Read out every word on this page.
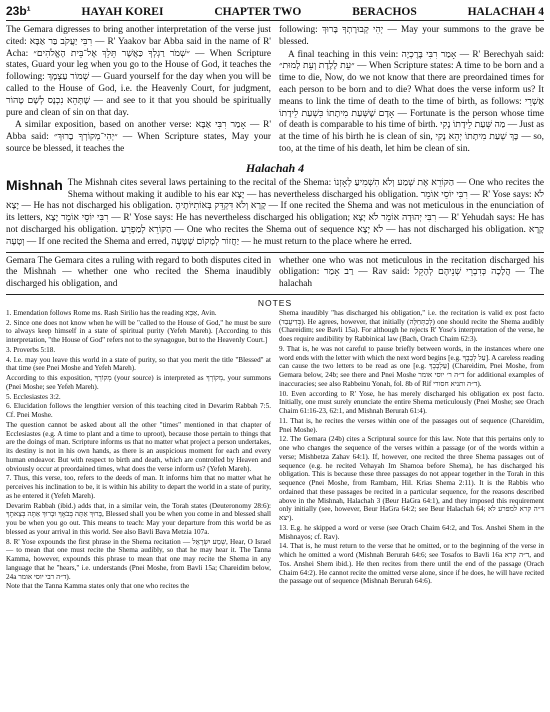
23b¹	HAYAH KOREI	CHAPTER TWO	BERACHOS	HALACHAH 4

The Gemara digresses to bring another interpretation of the verse just cited: רִבִּי יַעֲקֹב בַּר אַבָּא — R' Yaakov bar Abba said in the name of R' Acha: ״שְׁמֹר רַגְלְךָ כַּאֲשֶׁר תֵּלֵךְ אֶל־בֵּית הָאֱלֹהִים״ — When Scripture states, Guard your leg when you go to the House of God, it teaches the following: שְׁמוֹר עַצְמָךְ — Guard yourself for the day when you will be called to the House of God, i.e. the Heavenly Court, for judgment, שֶׁתְּהֵא נִכְנָס לְשָׁם טָהוֹר — and see to it that you should be spiritually pure and clean of sin on that day.

A similar exposition, based on another verse: אָמַר רִבִּי אַבָּא — R' Abba said: ״יְהִי־מְקוֹרְךָ בָרוּךְ״ — When Scripture states, May your source be blessed, it teaches the

following: יְהִי קְבוּרָתְךָ בָּרוּךְ — May your summons to the grave be blessed.

A final teaching in this vein: אָמַר רִבִּי בֶּרֶכְיָה — R' Berechyah said: ״עֵת לָלֶדֶת וְעֵת לָמוּת״ — When Scripture states: A time to be born and a time to die, Now, do we not know that there are preordained times for each person to be born and to die? What does the verse inform us? It means to link the time of death to the time of birth, as follows: אַשְׁרֵי אָדָם שֶׁשְּׁעַת מִיתָתוֹ כִּשְׁעַת לֵידָתוֹ — Fortunate is the person whose time of death is comparable to his time of birth. מַה שְּׁעַת לֵידָתוֹ נָקִי — Just as at the time of his birth he is clean of sin, כָּךְ שְׁעַת מִיתָתוֹ יְהֵא נָקִי — so, too, at the time of his death, let him be clean of sin.

Halachah 4
Mishnah The Mishnah cites several laws pertaining to the recital of the Shema: הַקּוֹרֵא אֶת שְׁמַע וְלֹא הִשְׁמִיעַ לְאָזְנוֹ — One who recites the Shema without making it audible to his ear יָצָא — has nevertheless discharged his obligation. רִבִּי יוֹסֵי אוֹמֵר — R' Yose says: לֹא יָצָא — He has not discharged his obligation. קָרָא וְלֹא דִּקְדֵּק בְּאוֹתִיּוֹתֶיהָ — If one recited the Shema and was not meticulous in the enunciation of its letters, רִבִּי יוֹסֵי אוֹמֵר יָצָא — R' Yose says: He has nevertheless discharged his obligation; רִבִּי יְהוּדָה אוֹמֵר לֹא יָצָא — R' Yehudah says: He has not discharged his obligation. הַקּוֹרֵא לְמַפְרֵעַ — One who recites the Shema out of sequence לֹא יָצָא — has not discharged his obligation. קָרָא וְטָעָה — If one recited the Shema and erred, יַחֲזוֹר לְמָקוֹם שֶׁטָּעָה — he must return to the place where he erred.
Gemara The Gemara cites a ruling with regard to both disputes cited in the Mishnah — whether one who recited the Shema inaudibly discharged his obligation, and
whether one who was not meticulous in the recitation discharged his obligation: רַב אָמַר — Rav said: הֲלָכָה כְּדִבְרֵי שְׁנֵיהֶם לְהָקֵל — The halachah
NOTES
1. Emendation follows Rome ms. Rash Sirilio has the reading אַבָּא, Avin.
2. Since one does not know when he will be "called to the House of God," he must be sure to always keep himself in a state of spiritual purity (Yefeh Mareh). [According to this interpretation, "the House of God" refers not to the synagogue, but to the Heavenly Court.]
3. Proverbs 5:18.
4. I.e. may you leave this world in a state of purity, so that you merit the title "Blessed" at that time (see Pnei Moshe and Yefeh Mareh).
According to this exposition, מְקוֹרְךָ (your source) is interpreted as מְקוֹרְךָ, your summons (Pnei Moshe; see Yefeh Mareh).
5. Ecclesiastes 3:2.
6. Elucidation follows the lengthier version of this teaching cited in Devarim Rabbah 7:5. Cf. Pnei Moshe.
The question cannot be asked about all the other "times" mentioned in that chapter of Ecclesiastes (e.g. A time to plant and a time to uproot), because those pertain to things that are the doings of man. Scripture informs us that no matter what project a person undertakes, its destiny is not in his own hands, as there is an auspicious moment for each and every human endeavor. But with respect to birth and death, which are controlled by Heaven and obviously occur at preordained times, what does the verse inform us? (Yefeh Mareh).
7. Thus, this verse, too, refers to the deeds of man. It informs him that no matter what he perceives his inclination to be, it is within his ability to depart the world in a state of purity, as he entered it (Yefeh Mareh).
Devarim Rabbah (ibid.) adds that, in a similar vein, the Torah states (Deuteronomy 28:6): בָּרוּךְ אַתָּה בְּבֹאֶךָ וּבָרוּךְ אַתָּה בְּצֵאתֶךָ, Blessed shall you be when you come in and blessed shall you be when you go out. This means to teach: May your departure from this world be as blessed as your arrival in this world. See also Bavli Bava Metzia 107a.
8. R' Yose expounds the first phrase in the Shema recitation — שְׁמַע יִשְׂרָאֵל, Hear, O Israel — to mean that one must recite the Shema audibly, so that he may hear it. The Tanna Kamma, however, expounds this phrase to mean that one may recite the Shema in any language that he "hears," i.e. understands (Pnei Moshe, from Bavli 15a; Chareidim below, 24a ד״ה רבי יוסי אומר).
Note that the Tanna Kamma states only that one who recites the
Shema inaudibly "has discharged his obligation," i.e. the recitation is valid ex post facto (בְּדִיעֲבַד). He agrees, however, that initially (לְכַתְּחִלָּה) one should recite the Shema audibly (Chareidim; see Bavli 15a). For although he rejects R' Yose's interpretation of the verse, he does require audibility by Rabbinical law (Bach, Orach Chaim 62:3).
9. That is, he was not careful to pause briefly between words, in the instances where one word ends with the letter with which the next word begins [e.g. עַל לְבָבֶךָ]. A careless reading can cause the two letters to be read as one [e.g. עַלְבָבֶךָ] (Chareidim, Pnei Moshe, from Gemara below, 24b; see there and Pnei Moshe ד״ה ר׳ יוסי אומר for additional examples of inaccuracies; see also Rabbeinu Yonah, fol. 8b of Rif ד״ה ותניא חסורי).
10. Even according to R' Yose, he has merely discharged his obligation ex post facto. Initially, one must surely enunciate the entire Shema meticulously (Pnei Moshe; see Orach Chaim 61:16-23, 62:1, and Mishnah Berurah 61:4).
11. That is, he recites the verses within one of the passages out of sequence (Chareidim, Pnei Moshe).
12. The Gemara (24b) cites a Scriptural source for this law. Note that this pertains only to one who changes the sequence of the verses within a passage (or of the words within a verse; Mishbetza Zahav 64:1). If, however, one recited the three Shema passages out of sequence (e.g. he recited Vehayah Im Shamoa before Shema), he has discharged his obligation. This is because these three passages do not appear together in the Torah in this sequence (Pnei Moshe, from Rambam, Hil. Krias Shema 2:11). It is the Rabbis who ordained that these passages be recited in a particular sequence, for the reasons described above in the Mishnah, Halachah 3 (Beur HaGra 64:1), and they imposed this requirement only initially (see, however, Beur HaGra 64:2; see Beur Halachah 64; ד״ה קרא למפרע לא יצא).
13. E.g. he skipped a word or verse (see Orach Chaim 64:2, and Tos. Anshei Shem in the Mishnayos; cf. Rav).
14. That is, he must return to the verse that he omitted, or to the beginning of the verse in which he omitted a word (Mishnah Berurah 64:6; see Tosafos to Bavli 16a ד״ה קרא, and Tos. Anshei Shem ibid.). He then recites from there until the end of the passage (Orach Chaim 64:2). He cannot recite the omitted verse alone, since if he does, he will have recited the passage out of sequence (Mishnah Berurah 64:6).
